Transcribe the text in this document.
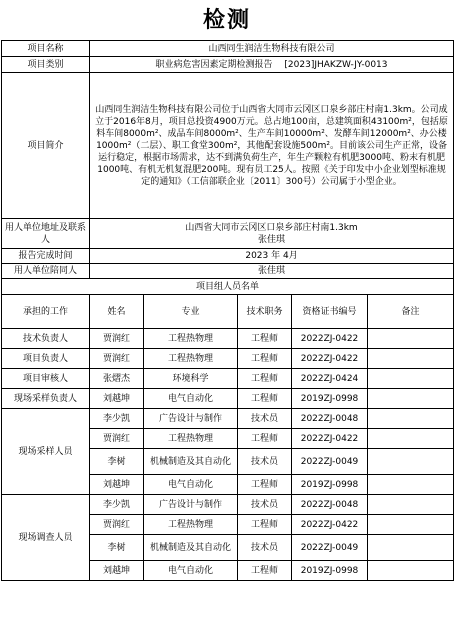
检测
项目名称	山西同生润洁生物科技有限公司				
项目类别	职业病危害因素定期检测报告　 [2023]JHAKZW-JY-0013				
项目简介	山西同生润洁生物科技有限公司位于山西省大同市云冈区口泉乡部庄村南1.3km。公司成立于2016年8月，项目总投资4900万元。总占地100亩，总建筑面积43100m²，包括原料车间8000m²、成品车间8000m²、生产车间10000m²、发酵车间12000m²、办公楼1000m²（二层）、职工食堂300m²，其他配套设施500m²。目前该公司生产正常，设备运行稳定，根据市场需求，达不到满负荷生产，年生产颗粒有机肥3000吨、粉末有机肥1000吨、有机无机复混肥200吨。现有员工25人。按照《关于印发中小企业划型标准规定的通知》（工信部联企业〔2011〕300号）公司属于小型企业。				
用人单位地址及联系人	山西省大同市云冈区口泉乡部庄村南1.3km
张佳琪				

报告完成时间	2023 年 4月				
用人单位陪同人	张佳琪				
项目组人员名单					
承担的工作	姓名	专业	技术职务	资格证书编号	备注
技术负责人	贾润红	工程热物理	工程师	2022ZJ-0422	
项目负责人	贾润红	工程热物理	工程师	2022ZJ-0422	
项目审核人	张熠杰	环境科学	工程师	2022ZJ-0424	
现场采样负责人	刘越坤	电气自动化	工程师	2019ZJ-0998	
现场采样人员	李少凯	广告设计与制作	技术员	2022ZJ-0048	
	贾润红	工程热物理	工程师	2022ZJ-0422	
	李树	机械制造及其自动化	技术员	2022ZJ-0049	
	刘越坤	电气自动化	工程师	2019ZJ-0998	
现场调查人员	李少凯	广告设计与制作	技术员	2022ZJ-0048	
	贾润红	工程热物理	工程师	2022ZJ-0422	
	李树	机械制造及其自动化	技术员	2022ZJ-0049	
	刘越坤	电气自动化	工程师	2019ZJ-0998	
